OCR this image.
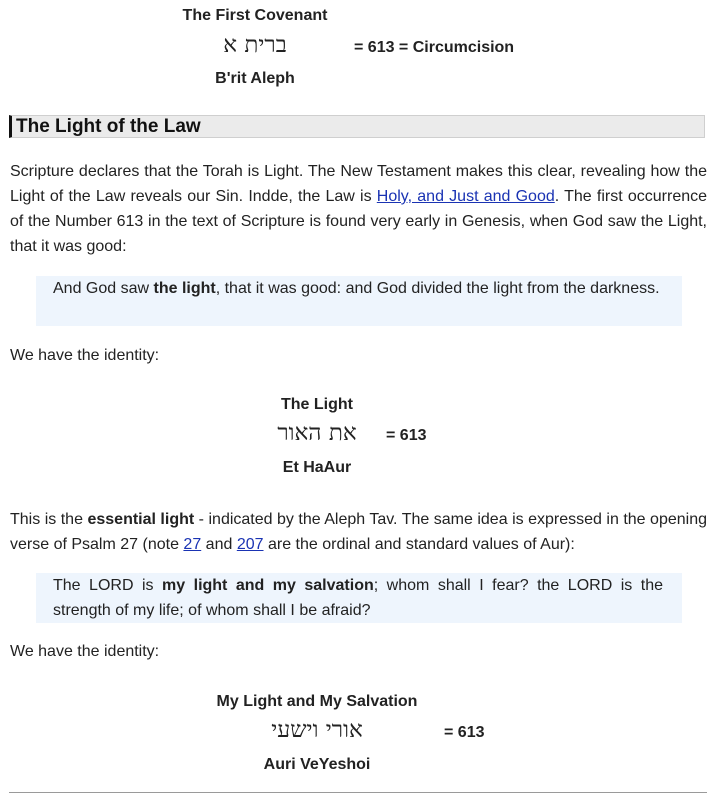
The First Covenant
ברית א	= 613 = Circumcision
B'rit Aleph
The Light of the Law
Scripture declares that the Torah is Light. The New Testament makes this clear, revealing how the Light of the Law reveals our Sin. Indde, the Law is Holy, and Just and Good. The first occurrence of the Number 613 in the text of Scripture is found very early in Genesis, when God saw the Light, that it was good:
And God saw the light, that it was good: and God divided the light from the darkness.
We have the identity:
The Light
את האור	= 613
Et HaAur
This is the essential light - indicated by the Aleph Tav. The same idea is expressed in the opening verse of Psalm 27 (note 27 and 207 are the ordinal and standard values of Aur):
The LORD is my light and my salvation; whom shall I fear? the LORD is the strength of my life; of whom shall I be afraid?
We have the identity:
My Light and My Salvation
אורי וישעי	= 613
Auri VeYeshoi
